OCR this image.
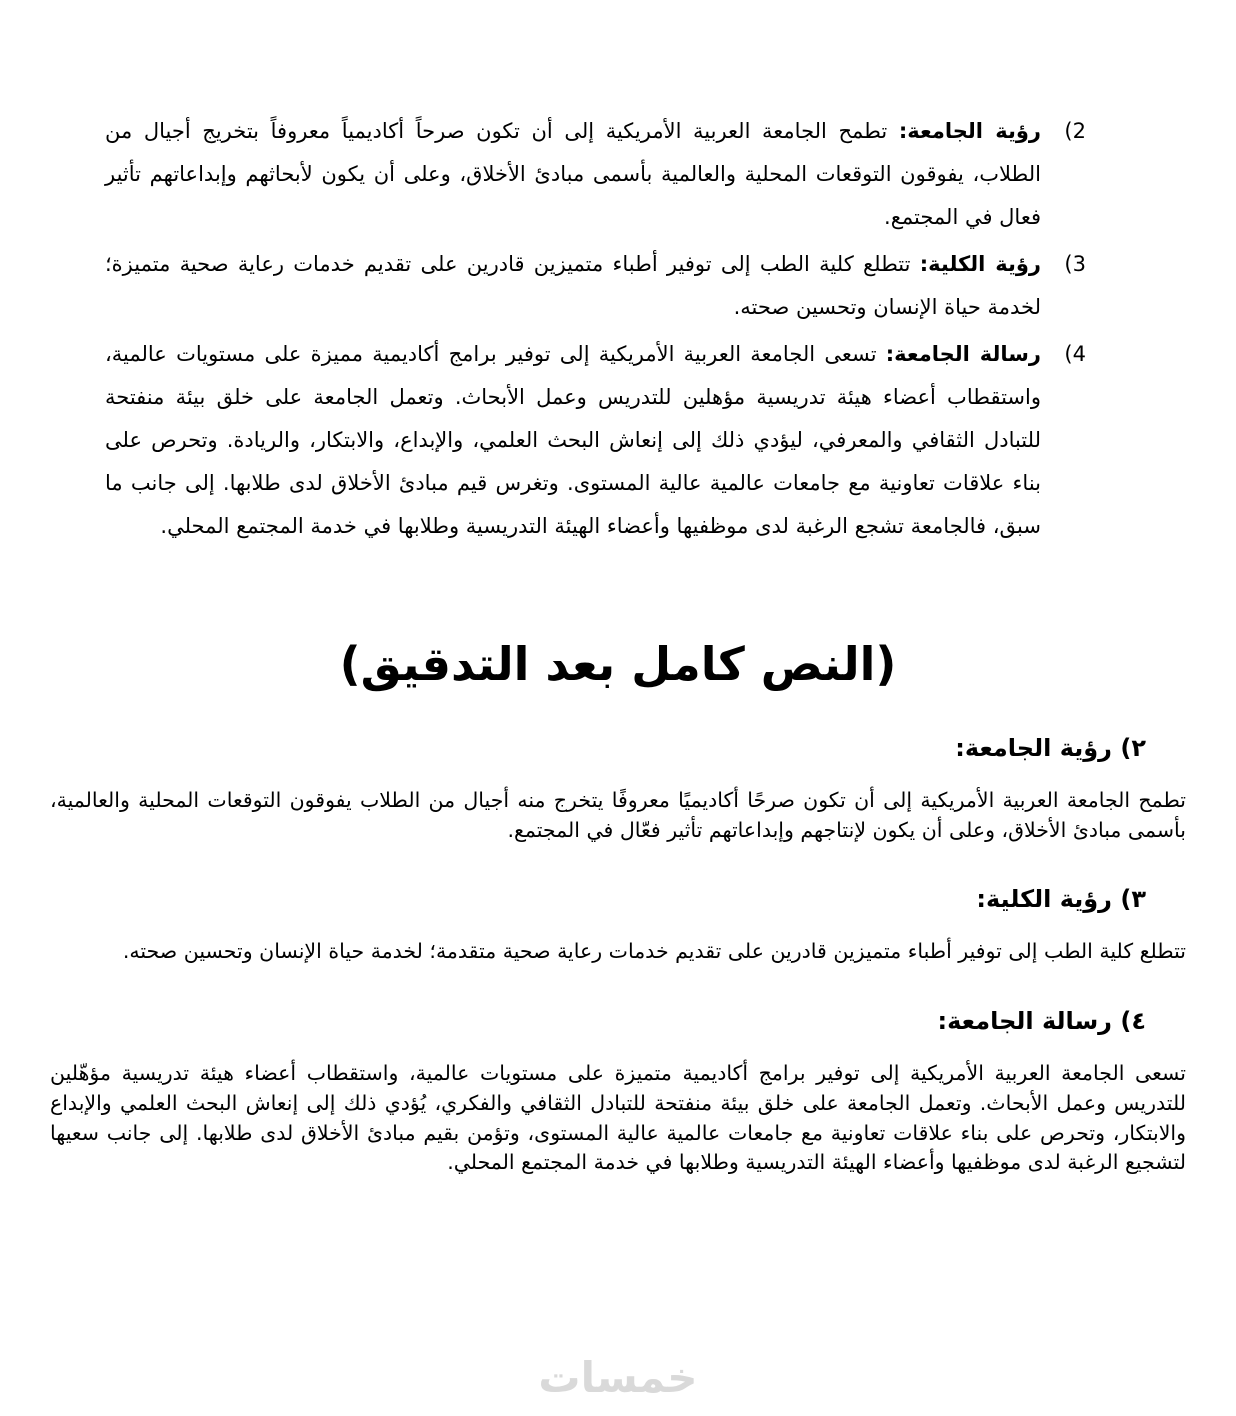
2)رؤية الجامعة: تطمح الجامعة العربية الأمريكية إلى أن تكون صرحاً أكاديمياً معروفاً بتخريج أجيال من الطلاب، يفوقون التوقعات المحلية والعالمية بأسمى مبادئ الأخلاق، وعلى أن يكون لأبحاثهم وإبداعاتهم تأثير فعال في المجتمع.
3)رؤية الكلية: تتطلع كلية الطب إلى توفير أطباء متميزين قادرين على تقديم خدمات رعاية صحية متميزة؛ لخدمة حياة الإنسان وتحسين صحته.
4)رسالة الجامعة: تسعى الجامعة العربية الأمريكية إلى توفير برامج أكاديمية مميزة على مستويات عالمية، واستقطاب أعضاء هيئة تدريسية مؤهلين للتدريس وعمل الأبحاث. وتعمل الجامعة على خلق بيئة منفتحة للتبادل الثقافي والمعرفي، ليؤدي ذلك إلى إنعاش البحث العلمي، والإبداع، والابتكار، والريادة. وتحرص على بناء علاقات تعاونية مع جامعات عالمية عالية المستوى. وتغرس قيم مبادئ الأخلاق لدى طلابها. إلى جانب ما سبق، فالجامعة تشجع الرغبة لدى موظفيها وأعضاء الهيئة التدريسية وطلابها في خدمة المجتمع المحلي.
(النص كامل بعد التدقيق)
٢)رؤية الجامعة:

تطمح الجامعة العربية الأمريكية إلى أن تكون صرحًا أكاديميًا معروفًا يتخرج منه أجيال من الطلاب يفوقون التوقعات المحلية والعالمية، بأسمى مبادئ الأخلاق، وعلى أن يكون لإنتاجهم وإبداعاتهم تأثير فعّال في المجتمع.

٣)رؤية الكلية:

تتطلع كلية الطب إلى توفير أطباء متميزين قادرين على تقديم خدمات رعاية صحية متقدمة؛ لخدمة حياة الإنسان وتحسين صحته.

٤)رسالة الجامعة:

تسعى الجامعة العربية الأمريكية إلى توفير برامج أكاديمية متميزة على مستويات عالمية، واستقطاب أعضاء هيئة تدريسية مؤهّلين للتدريس وعمل الأبحاث. وتعمل الجامعة على خلق بيئة منفتحة للتبادل الثقافي والفكري، يُؤدي ذلك إلى إنعاش البحث العلمي والإبداع والابتكار، وتحرص على بناء علاقات تعاونية مع جامعات عالمية عالية المستوى، وتؤمن بقيم مبادئ الأخلاق لدى طلابها. إلى جانب سعيها لتشجيع الرغبة لدى موظفيها وأعضاء الهيئة التدريسية وطلابها في خدمة المجتمع المحلي.

خمسات
